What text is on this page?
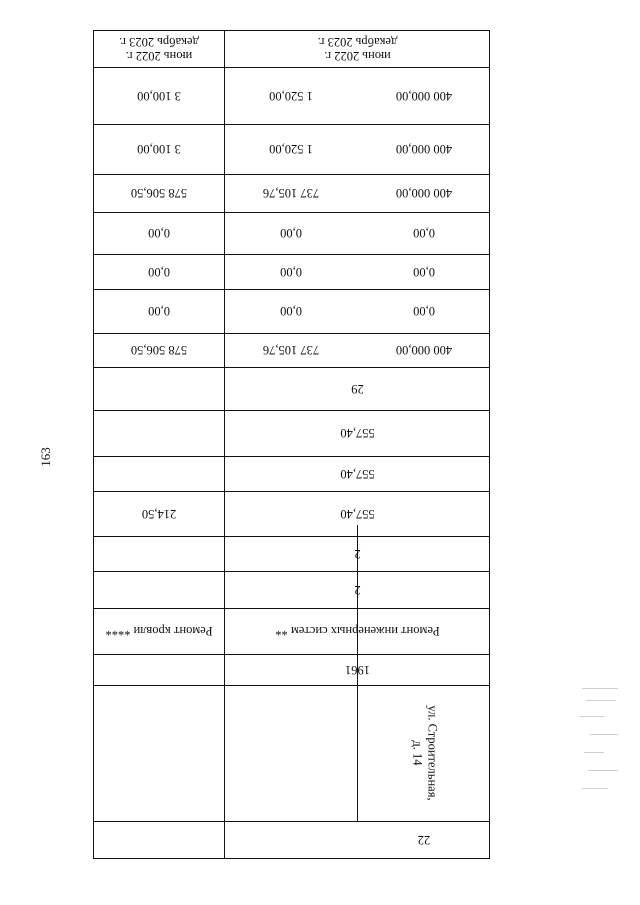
163
22
ул. Строительная,
д. 14
1961
Ремонт инженерных систем **
Ремонт кровли ****
2
2
557,40
214,50
557,40
557,40
29
400 000,00
737 105,76
578 506,50
0,00
0,00
0,00
0,00
0,00
0,00
0,00
0,00
0,00
400 000,00
737 105,76
578 506,50
400 000,00
1 520,00
3 100,00
400 000,00
1 520,00
3 100,00
июнь 2022 г.
декабрь 2023 г.
июнь 2022 г.
декабрь 2023 г.
